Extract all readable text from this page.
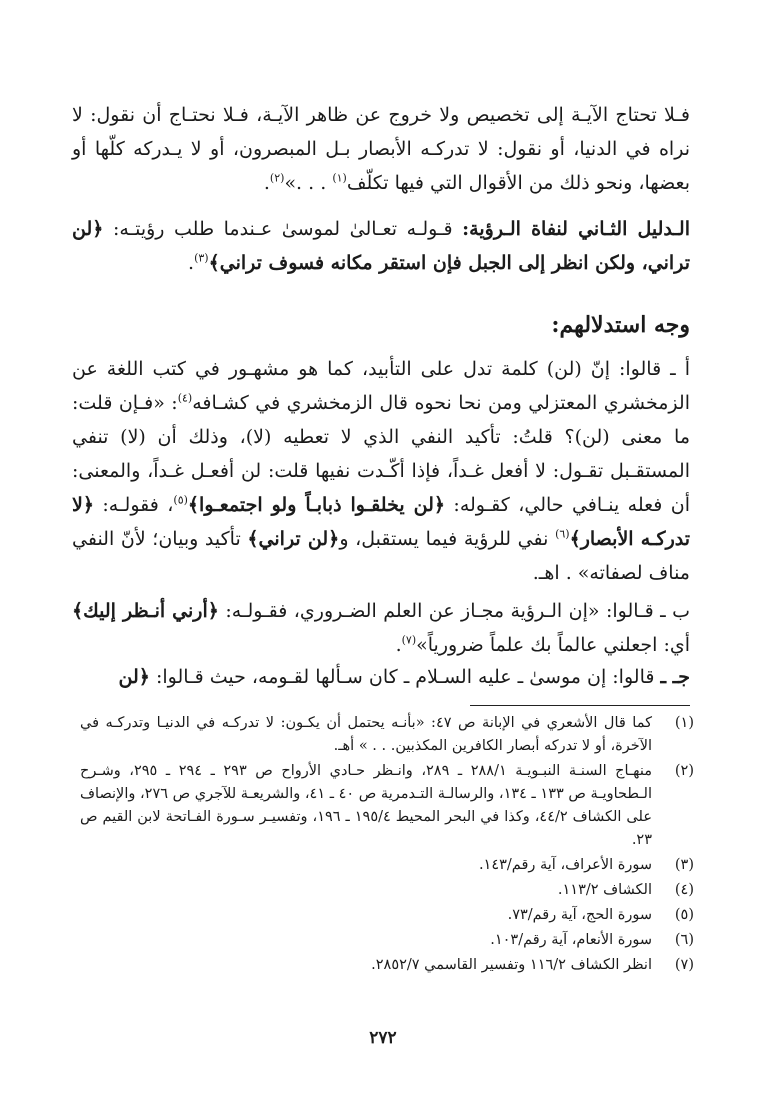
فـلا تحتاج الآيـة إلى تخصيص ولا خروج عن ظاهر الآيـة، فـلا نحتـاج أن نقول: لا نراه في الدنيا، أو نقول: لا تدركـه الأبصار بـل المبصرون، أو لا يـدركه كلّها أو بعضها، ونحو ذلك من الأقوال التي فيها تكلّف$^{(١)}$ . . .»$^{(٢)}$.
الـدليل الثـاني لنفاة الـرؤية: قـولـه تعـالىٰ لموسىٰ عـندما طلب رؤيتـه: ﴿لن تراني، ولكن انظر إلى الجبل فإن استقر مكانه فسوف تراني﴾$^{(٣)}$.
وجه استدلالهم:
أ ـ قالوا: إنّ (لن) كلمة تدل على التأبيد، كما هو مشهـور في كتب اللغة عن الزمخشري المعتزلي ومن نحا نحوه قال الزمخشري في كشـافه$^{(٤)}$: «فـإن قلت: ما معنى (لن)؟ قلتُ: تأكيد النفي الذي لا تعطيه (لا)، وذلك أن (لا) تنفي المستقـبل تقـول: لا أفعل غـداً، فإذا أكّـدت نفيها قلت: لن أفعـل غـداً، والمعنى: أن فعله ينـافي حالي، كقـوله: ﴿لن يخلقـوا ذبابـاً ولو اجتمعـوا﴾$^{(٥)}$، فقولـه: ﴿لا تدركـه الأبصار﴾$^{(٦)}$ نفي للرؤية فيما يستقبل، و﴿لن تراني﴾ تأكيد وبيان؛ لأنّ النفي مناف لصفاته» . اهـ.
ب ـ قـالوا: «إن الـرؤية مجـاز عن العلم الضـروري، فقـولـه: ﴿أرني أنـظر إليك﴾ أي: اجعلني عالماً بك علماً ضرورياً»$^{(٧)}$.
جـ ـ قالوا: إن موسىٰ ـ عليه السـلام ـ كان سـألها لقـومه، حيث قـالوا: ﴿لن
(١)
كما قال الأشعري في الإبانة ص ٤٧: «بأنـه يحتمل أن يكـون: لا تدركـه في الدنيـا وتدركـه في الآخرة، أو لا تدركه أبصار الكافرين المكذبين. . . » أهـ.
(٢)
منهـاج السنـة النبـويـة ٢٨٨/١ ـ ٢٨٩، وانـظر حـادي الأرواح ص ٢٩٣ ـ ٢٩٤ ـ ٢٩٥، وشـرح الـطحاويـة ص ١٣٣ ـ ١٣٤، والرسالـة التـدمرية ص ٤٠ ـ ٤١، والشريعـة للآجري ص ٢٧٦، والإنصاف على الكشاف ٤٤/٢، وكذا في البحر المحيط ١٩٥/٤ ـ ١٩٦، وتفسيـر سـورة الفـاتحة لابن القيم ص ٢٣.
(٣)
سورة الأعراف، آية رقم/١٤٣.
(٤)
الكشاف ١١٣/٢.
(٥)
سورة الحج، آية رقم/٧٣.
(٦)
سورة الأنعام، آية رقم/١٠٣.
(٧)
انظر الكشاف ١١٦/٢ وتفسير القاسمي ٢٨٥٢/٧.
٢٧٢
